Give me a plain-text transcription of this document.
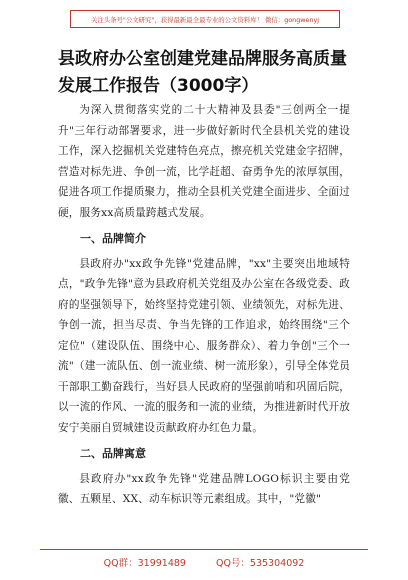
关注头条号"公文研究"，获得最新最全最专业的公文资料库！ 微信：gongwenyj
县政府办公室创建党建品牌服务高质量发展工作报告（3000字）

为深入贯彻落实党的二十大精神及县委"三创两全一提升"三年行动部署要求，进一步做好新时代全县机关党的建设工作，深入挖掘机关党建特色亮点，擦亮机关党建金字招牌，营造对标先进、争创一流，比学赶超、奋勇争先的浓厚氛围，促进各项工作提质聚力，推动全县机关党建全面进步、全面过硬，服务xx高质量跨越式发展。

一、品牌简介

县政府办"xx政争先锋"党建品牌，"xx"主要突出地域特点，"政争先锋"意为县政府机关党组及办公室在各级党委、政府的坚强领导下，始终坚持党建引领、业绩领先，对标先进、争创一流，担当尽责、争当先锋的工作追求，始终围绕"三个定位"（建设队伍、围绕中心、服务群众）、着力争创"三个一流"（建一流队伍、创一流业绩、树一流形象），引导全体党员干部职工勤奋践行，当好县人民政府的坚强前哨和巩固后院，以一流的作风、一流的服务和一流的业绩，为推进新时代开放安宁美丽自贸城建设贡献政府办红色力量。

二、品牌寓意

县政府办"xx政争先锋"党建品牌LOGO标识主要由党徽、五颗星、XX、动车标识等元素组成。其中，"党徽"

QQ群：31991489	QQ号：535304092
